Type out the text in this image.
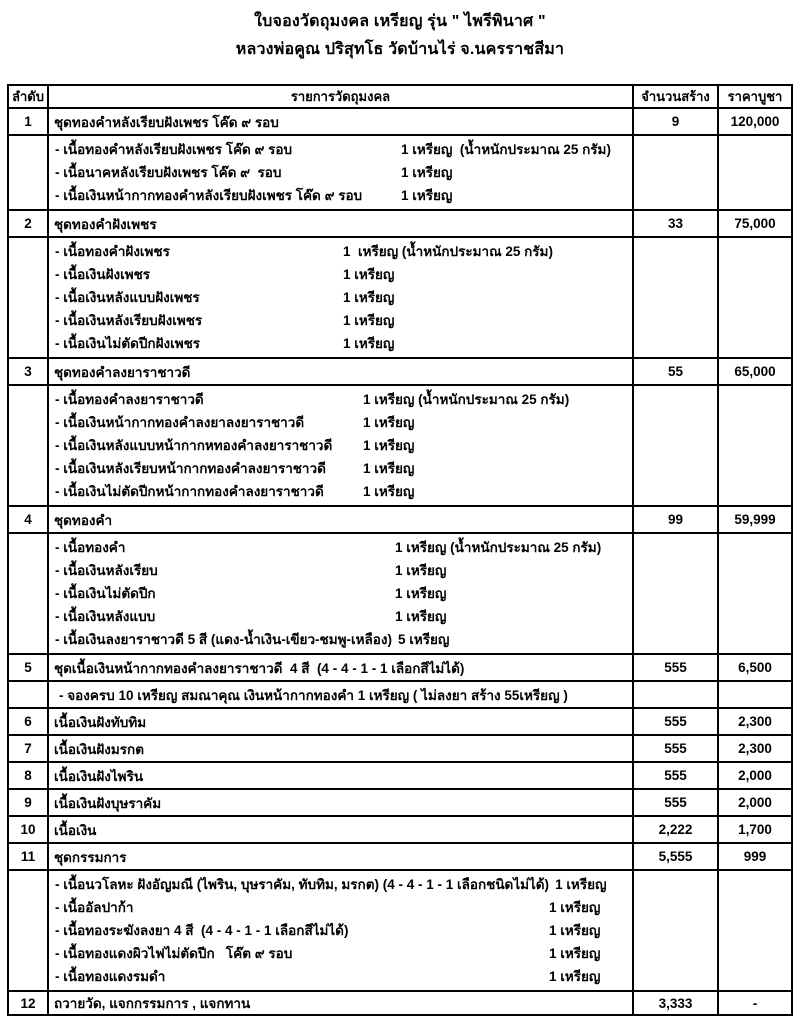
ใบจองวัดถุมงคล เหรียญ รุ่น " ไพรีพินาศ "
หลวงพ่อคูณ ปริสุทโธ วัดบ้านไร่ จ.นครราชสีมา
ลำดับ	รายการวัดถุมงคล	จำนวนสร้าง	ราคาบูชา
1	ชุดทองคำหลังเรียบฝังเพชร โค๊ด ๙ รอบ	9	120,000

- เนื้อทองคำหลังเรียบฝังเพชร โค๊ด ๙ รอบ	1 เหรียญ  (น้ำหนักประมาณ 25 กรัม)
- เนื้อนาคหลังเรียบฝังเพชร โค๊ด ๙  รอบ	1 เหรียญ
- เนื้อเงินหน้ากากทองคำหลังเรียบฝังเพชร โค๊ด ๙ รอบ	1 เหรียญ

2	ชุดทองคำฝังเพชร	33	75,000

- เนื้อทองคำฝังเพชร	1  เหรียญ (น้ำหนักประมาณ 25 กรัม)
- เนื้อเงินฝังเพชร	1 เหรียญ
- เนื้อเงินหลังแบบฝังเพชร	1 เหรียญ
- เนื้อเงินหลังเรียบฝังเพชร	1 เหรียญ
- เนื้อเงินไม่ตัดปีกฝังเพชร	1 เหรียญ

3	ชุดทองคำลงยาราชาวดี	55	65,000

- เนื้อทองคำลงยาราชาวดี	1 เหรียญ (น้ำหนักประมาณ 25 กรัม)
- เนื้อเงินหน้ากากทองคำลงยาลงยาราชาวดี	1 เหรียญ
- เนื้อเงินหลังแบบหน้ากากหทองคำลงยาราชาวดี	1 เหรียญ
- เนื้อเงินหลังเรียบหน้ากากทองคำลงยาราชาวดี	1 เหรียญ
- เนื้อเงินไม่ตัดปีกหน้ากากทองคำลงยาราชาวดี	1 เหรียญ

4	ชุดทองคำ	99	59,999

- เนื้อทองคำ	1 เหรียญ (น้ำหนักประมาณ 25 กรัม)
- เนื้อเงินหลังเรียบ	1 เหรียญ
- เนื้อเงินไม่ตัดปีก	1 เหรียญ
- เนื้อเงินหลังแบบ	1 เหรียญ
- เนื้อเงินลงยาราชาวดี 5 สี (แดง-น้ำเงิน-เขียว-ชมพู-เหลือง) 5 เหรียญ

5	ชุดเนื้อเงินหน้ากากทองคำลงยาราชาวดี  4 สี  (4 - 4 - 1 - 1 เลือกสีไม่ได้)	555	6,500
	- จองครบ 10 เหรียญ สมณาคุณ เงินหน้ากากทองคำ 1 เหรียญ ( ไม่ลงยา สร้าง 55เหรียญ )		
6	เนื้อเงินฝังทับทิม	555	2,300
7	เนื้อเงินฝังมรกต	555	2,300
8	เนื้อเงินฝังไพริน	555	2,000
9	เนื้อเงินฝังบุษราคัม	555	2,000
10	เนื้อเงิน	2,222	1,700
11	ชุดกรรมการ	5,555	999

- เนื้อนวโลหะ ฝังอัญมณี (ไพริน, บุษราคัม, ทับทิม, มรกต) (4 - 4 - 1 - 1 เลือกชนิดไม่ได้) 1 เหรียญ
- เนื้ออัลปาก้า	1 เหรียญ
- เนื้อทองระฆังลงยา 4 สี  (4 - 4 - 1 - 1 เลือกสีไม่ได้)	1 เหรียญ
- เนื้อทองแดงผิวไฟไม่ตัดปีก   โค๊ต ๙ รอบ	1 เหรียญ
- เนื้อทองแดงรมดำ	1 เหรียญ

12	ถวายวัด, แจกกรรมการ , แจกทาน	3,333	-
